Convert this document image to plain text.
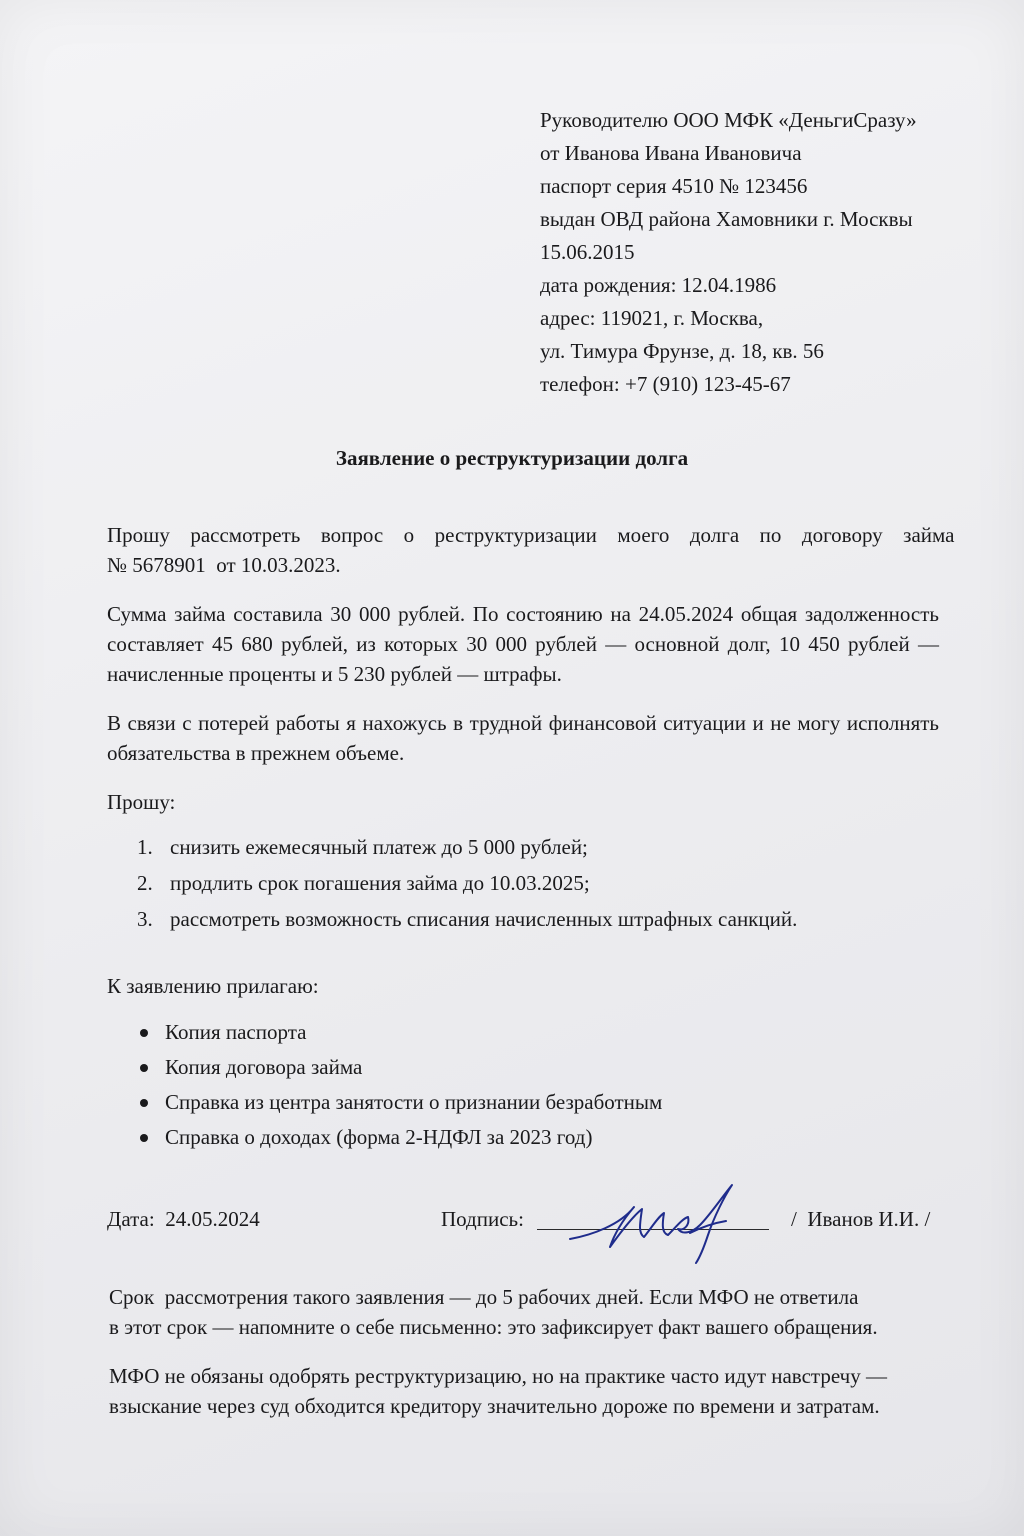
Руководителю ООО МФК «ДеньгиСразу»
от Иванова Ивана Ивановича
паспорт серия 4510 № 123456
выдан ОВД района Хамовники г. Москвы
15.06.2015
дата рождения: 12.04.1986
адрес: 119021, г. Москва,
ул. Тимура Фрунзе, д. 18, кв. 56
телефон: +7 (910) 123-45-67
Заявление о реструктуризации долга
Прошу  рассмотреть  вопрос  о  реструктуризации  моего  долга  по  договору  займа
№ 5678901  от 10.03.2023.
Сумма займа составила 30 000 рублей. По состоянию на 24.05.2024 общая задолженность составляет 45 680 рублей, из которых 30 000 рублей — основной долг, 10 450 рублей — начисленные проценты и 5 230 рублей — штрафы.
В связи с потерей работы я нахожусь в трудной финансовой ситуации и не могу исполнять обязательства в прежнем объеме.
Прошу:
1. снизить ежемесячный платеж до 5 000 рублей;
2. продлить срок погашения займа до 10.03.2025;
3. рассмотреть возможность списания начисленных штрафных санкций.
К заявлению прилагаю:
Копия паспорта
Копия договора займа
Справка из центра занятости о признании безработным
Справка о доходах (форма 2-НДФЛ за 2023 год)
Дата:  24.05.2024	Подпись:	/  Иванов И.И. /
Срок  рассмотрения такого заявления — до 5 рабочих дней. Если МФО не ответила
в этот срок — напомните о себе письменно: это зафиксирует факт вашего обращения.
МФО не обязаны одобрять реструктуризацию, но на практике часто идут навстречу —
взыскание через суд обходится кредитору значительно дороже по времени и затратам.
